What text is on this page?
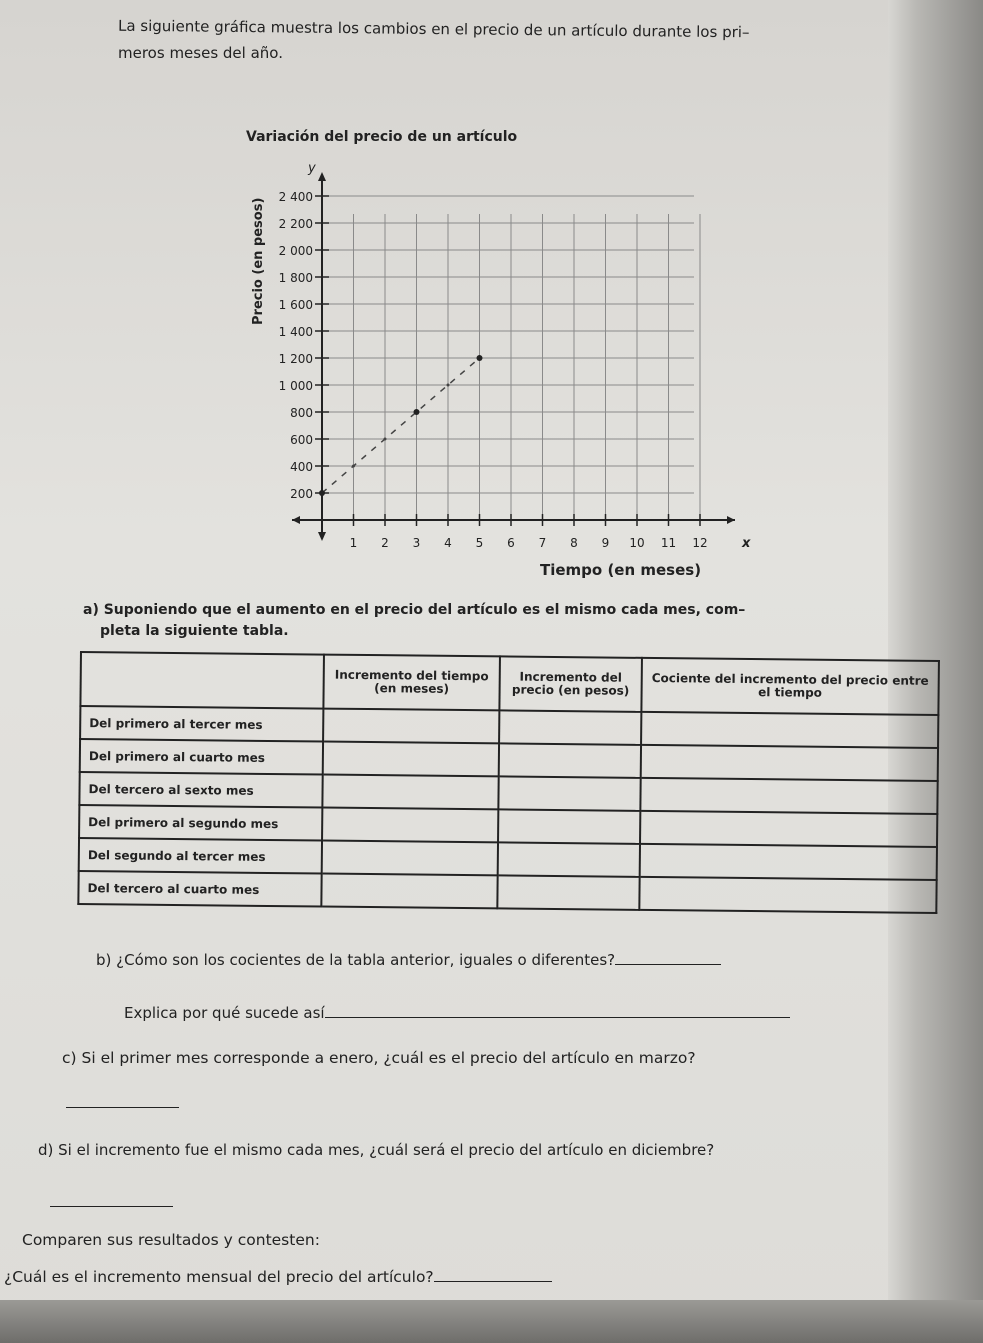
La siguiente gráfica muestra los cambios en el precio de un artículo durante los pri–
meros meses del año.
Variación del precio de un artículo
1 2 3 4 5 6 7 8 9 10 11 12
200
400
600
800
1 000
1 200
1 400
1 600
1 800
2 000
2 200
2 400
x
y
Precio (en pesos)
Tiempo (en meses)
a) Suponiendo que el aumento en el precio del artículo es el mismo cada mes, com–
pleta la siguiente tabla.
	Incremento del tiempo (en meses)	Incremento del precio (en pesos)	Cociente del incremento del precio entre el tiempo
Del primero al tercer mes			
Del primero al cuarto mes			
Del tercero al sexto mes			
Del primero al segundo mes			
Del segundo al tercer mes			
Del tercero al cuarto mes			
b) ¿Cómo son los cocientes de la tabla anterior, iguales o diferentes?
Explica por qué sucede así
c) Si el primer mes corresponde a enero, ¿cuál es el precio del artículo en marzo?
d) Si el incremento fue el mismo cada mes, ¿cuál será el precio del artículo en diciembre?
Comparen sus resultados y contesten:
¿Cuál es el incremento mensual del precio del artículo?
